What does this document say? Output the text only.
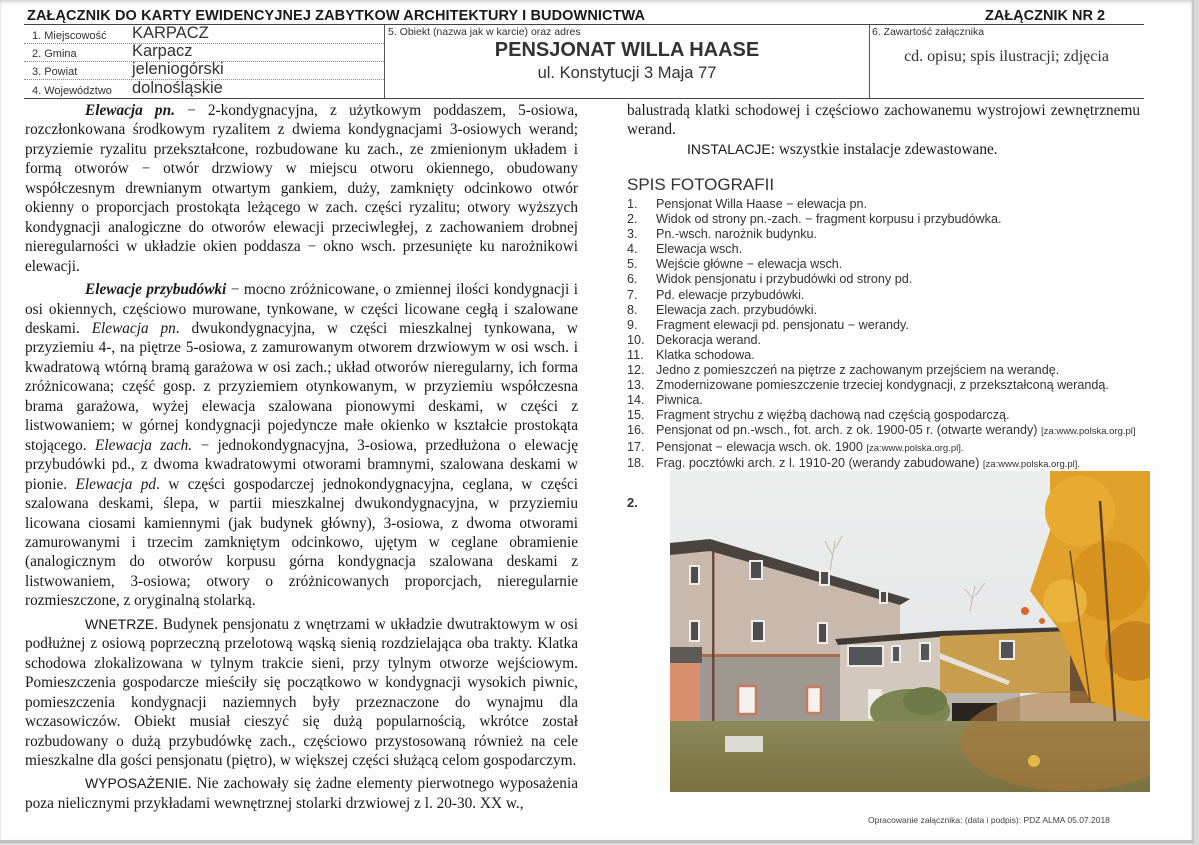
ZAŁĄCZNIK DO KARTY EWIDENCYJNEJ ZABYTKOW ARCHITEKTURY I BUDOWNICTWA	ZAŁĄCZNIK NR 2
1. Miejscowość KARPACZ
2. Gmina	Karpacz
3. Powiat	jeleniogórski
4. Województwo dolnośląskie
5. Obiekt (nazwa jak w karcie) oraz adres
PENSJONAT WILLA HAASE
ul. Konstytucji 3 Maja 77
6. Zawartość załącznika
cd. opisu; spis ilustracji; zdjęcia

Elewacja pn. − 2-kondygnacyjna, z użytkowym poddaszem, 5-osiowa, rozczłonkowana środkowym ryzalitem z dwiema kondygnacjami 3-osiowych werand; przyziemie ryzalitu przekształcone, rozbudowane ku zach., ze zmienionym układem i formą otworów − otwór drzwiowy w miejscu otworu okiennego, obudowany współczesnym drewnianym otwartym gankiem, duży, zamknięty odcinkowo otwór okienny o proporcjach prostokąta leżącego w zach. części ryzalitu; otwory wyższych kondygnacji analogiczne do otworów elewacji przeciwległej, z zachowaniem drobnej nieregularności w układzie okien poddasza − okno wsch. przesunięte ku narożnikowi elewacji.

Elewacje przybudówki − mocno zróżnicowane, o zmiennej ilości kondygnacji i osi okiennych, częściowo murowane, tynkowane, w części licowane cegłą i szalowane deskami. Elewacja pn. dwukondygnacyjna, w części mieszkalnej tynkowana, w przyziemiu 4-, na piętrze 5-osiowa, z zamurowanym otworem drzwiowym w osi wsch. i kwadratową wtórną bramą garażowa w osi zach.; układ otworów nieregularny, ich forma zróżnicowana; część gosp. z przyziemiem otynkowanym, w przyziemiu współczesna brama garażowa, wyżej elewacja szalowana pionowymi deskami, w części z listwowaniem; w górnej kondygnacji pojedyncze małe okienko w kształcie prostokąta stojącego. Elewacja zach. − jednokondygnacyjna, 3-osiowa, przedłużona o elewację przybudówki pd., z dwoma kwadratowymi otworami bramnymi, szalowana deskami w pionie. Elewacja pd. w części gospodarczej jednokondygnacyjna, ceglana, w części szalowana deskami, ślepa, w partii mieszkalnej dwukondygnacyjna, w przyziemiu licowana ciosami kamiennymi (jak budynek główny), 3-osiowa, z dwoma otworami zamurowanymi i trzecim zamkniętym odcinkowo, ujętym w ceglane obramienie (analogicznym do otworów korpusu górna kondygnacja szalowana deskami z listwowaniem, 3-osiowa; otwory o zróżnicowanych proporcjach, nieregularnie rozmieszczone, z oryginalną stolarką.

WNETRZE. Budynek pensjonatu z wnętrzami w układzie dwutraktowym w osi podłużnej z osiową poprzeczną przelotową wąską sienią rozdzielająca oba trakty. Klatka schodowa zlokalizowana w tylnym trakcie sieni, przy tylnym otworze wejściowym. Pomieszczenia gospodarcze mieściły się początkowo w kondygnacji wysokich piwnic, pomieszczenia kondygnacji naziemnych były przeznaczone do wynajmu dla wczasowiczów. Obiekt musiał cieszyć się dużą popularnością, wkrótce został rozbudowany o dużą przybudówkę zach., częściowo przystosowaną również na cele mieszkalne dla gości pensjonatu (piętro), w większej części służącą celom gospodarczym.

WYPOSAŻENIE. Nie zachowały się żadne elementy pierwotnego wyposażenia poza nielicznymi przykładami wewnętrznej stolarki drzwiowej z l. 20-30. XX w.,

balustradą klatki schodowej i częściowo zachowanemu wystrojowi zewnętrznemu werand.

INSTALACJE: wszystkie instalacje zdewastowane.

SPIS FOTOGRAFII
1. Pensjonat Willa Haase − elewacja pn.
2. Widok od strony pn.-zach. − fragment korpusu i przybudówka.
3. Pn.-wsch. narożnik budynku.
4. Elewacja wsch.
5. Wejście główne − elewacja wsch.
6. Widok pensjonatu i przybudówki od strony pd.
7. Pd. elewacje przybudówki.
8. Elewacja zach. przybudówki.
9. Fragment elewacji pd. pensjonatu − werandy.
10. Dekoracja werand.
11. Klatka schodowa.
12. Jedno z pomieszczeń na piętrze z zachowanym przejściem na werandę.
13. Zmodernizowane pomieszczenie trzeciej kondygnacji, z przekształconą werandą.
14. Piwnica.
15. Fragment strychu z więźbą dachową nad częścią gospodarczą.
16. Pensjonat od pn.-wsch., fot. arch. z ok. 1900-05 r. (otwarte werandy) [za:www.polska.org.pl]
17. Pensjonat − elewacja wsch. ok. 1900 [za:www.polska.org.pl].
18. Frag. pocztówki arch. z l. 1910-20 (werandy zabudowane) [za:www.polska.org.pl].
2.
Opracowanie załącznika: (data i podpis): PDZ ALMA 05.07.2018
